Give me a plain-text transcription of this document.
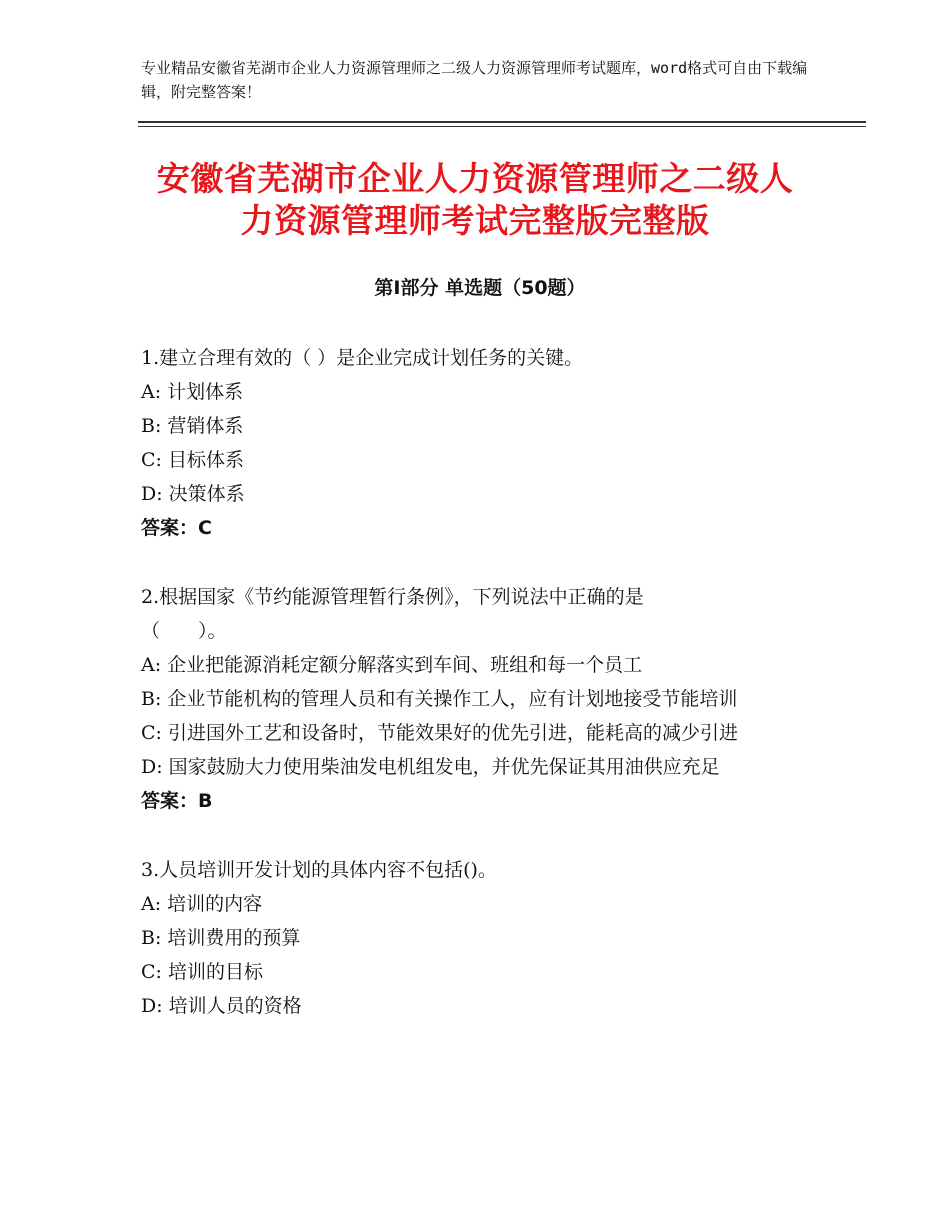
专业精品安徽省芜湖市企业人力资源管理师之二级人力资源管理师考试题库，word格式可自由下载编辑，附完整答案！
安徽省芜湖市企业人力资源管理师之二级人
力资源管理师考试完整版完整版
第Ⅰ部分 单选题（50题）
1.建立合理有效的（ ）是企业完成计划任务的关键。
A: 计划体系
B: 营销体系
C: 目标体系
D: 决策体系
答案：C
2.根据国家《节约能源管理暂行条例》，下列说法中正确的是
（　　）。
A: 企业把能源消耗定额分解落实到车间、班组和每一个员工
B: 企业节能机构的管理人员和有关操作工人，应有计划地接受节能培训
C: 引进国外工艺和设备时，节能效果好的优先引进，能耗高的减少引进
D: 国家鼓励大力使用柴油发电机组发电，并优先保证其用油供应充足
答案：B
3.人员培训开发计划的具体内容不包括()。
A: 培训的内容
B: 培训费用的预算
C: 培训的目标
D: 培训人员的资格
